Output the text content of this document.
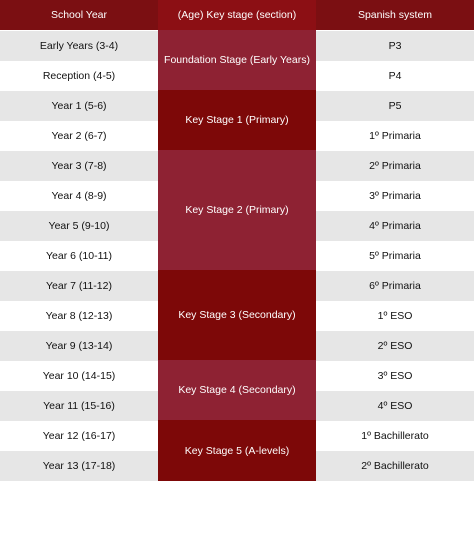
School Year	(Age) Key stage (section)	Spanish system
Early Years (3-4)
Reception (4-5)
Year 1 (5-6)
Year 2 (6-7)
Year 3 (7-8)
Year 4 (8-9)
Year 5 (9-10)
Year 6 (10-11)
Year 7 (11-12)
Year 8 (12-13)
Year 9 (13-14)
Year 10 (14-15)
Year 11 (15-16)
Year 12 (16-17)
Year 13 (17-18)
Foundation Stage (Early Years)
Key Stage 1 (Primary)
Key Stage 2 (Primary)
Key Stage 3 (Secondary)
Key Stage 4 (Secondary)
Key Stage 5 (A-levels)
P3
P4
P5
1º Primaria
2º Primaria
3º Primaria
4º Primaria
5º Primaria
6º Primaria
1º ESO
2º ESO
3º ESO
4º ESO
1º Bachillerato
2º Bachillerato
